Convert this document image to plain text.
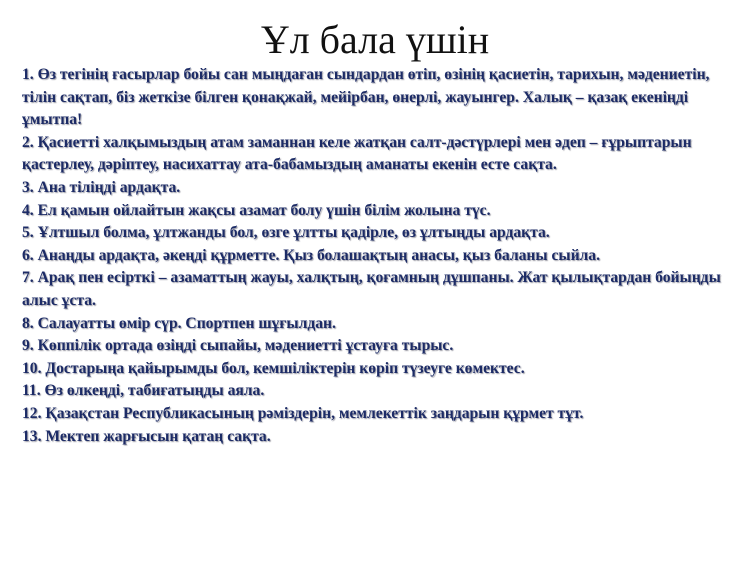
Ұл бала үшін
1. Өз тегінің ғасырлар бойы сан мыңдаған сындардан өтіп, өзінің қасиетін, тарихын, мәдениетін, тілін сақтап, біз жеткізе білген қонақжай, мейірбан, өнерлі, жауынгер. Халық – қазақ екеніңді ұмытпа!
2. Қасиетті халқымыздың атам заманнан келе жатқан салт-дәстүрлері мен әдеп – ғұрыптарын қастерлеу, дәріптеу, насихаттау ата-бабамыздың аманаты екенін есте сақта.
3. Ана тіліңді ардақта.
4. Ел қамын ойлайтын жақсы азамат болу үшін білім жолына түс.
5. Ұлтшыл болма, ұлтжанды бол, өзге ұлтты қадірле, өз ұлтыңды ардақта.
6. Анаңды ардақта, әкеңді құрметте. Қыз болашақтың анасы, қыз баланы сыйла.
7. Арақ пен есірткі – азаматтың жауы, халқтың, қоғамның дұшпаны. Жат қылықтардан бойыңды алыс ұста.
8. Салауатты өмір сүр. Спортпен шұғылдан.
9. Көппілік ортада өзіңді сыпайы, мәдениетті ұстауға тырыс.
10. Достарыңа қайырымды бол, кемшіліктерін көріп түзеуге көмектес.
11. Өз өлкеңді, табиғатыңды аяла.
12. Қазақстан Республикасының рәміздерін, мемлекеттік заңдарын құрмет тұт.
13. Мектеп жарғысын қатаң сақта.
